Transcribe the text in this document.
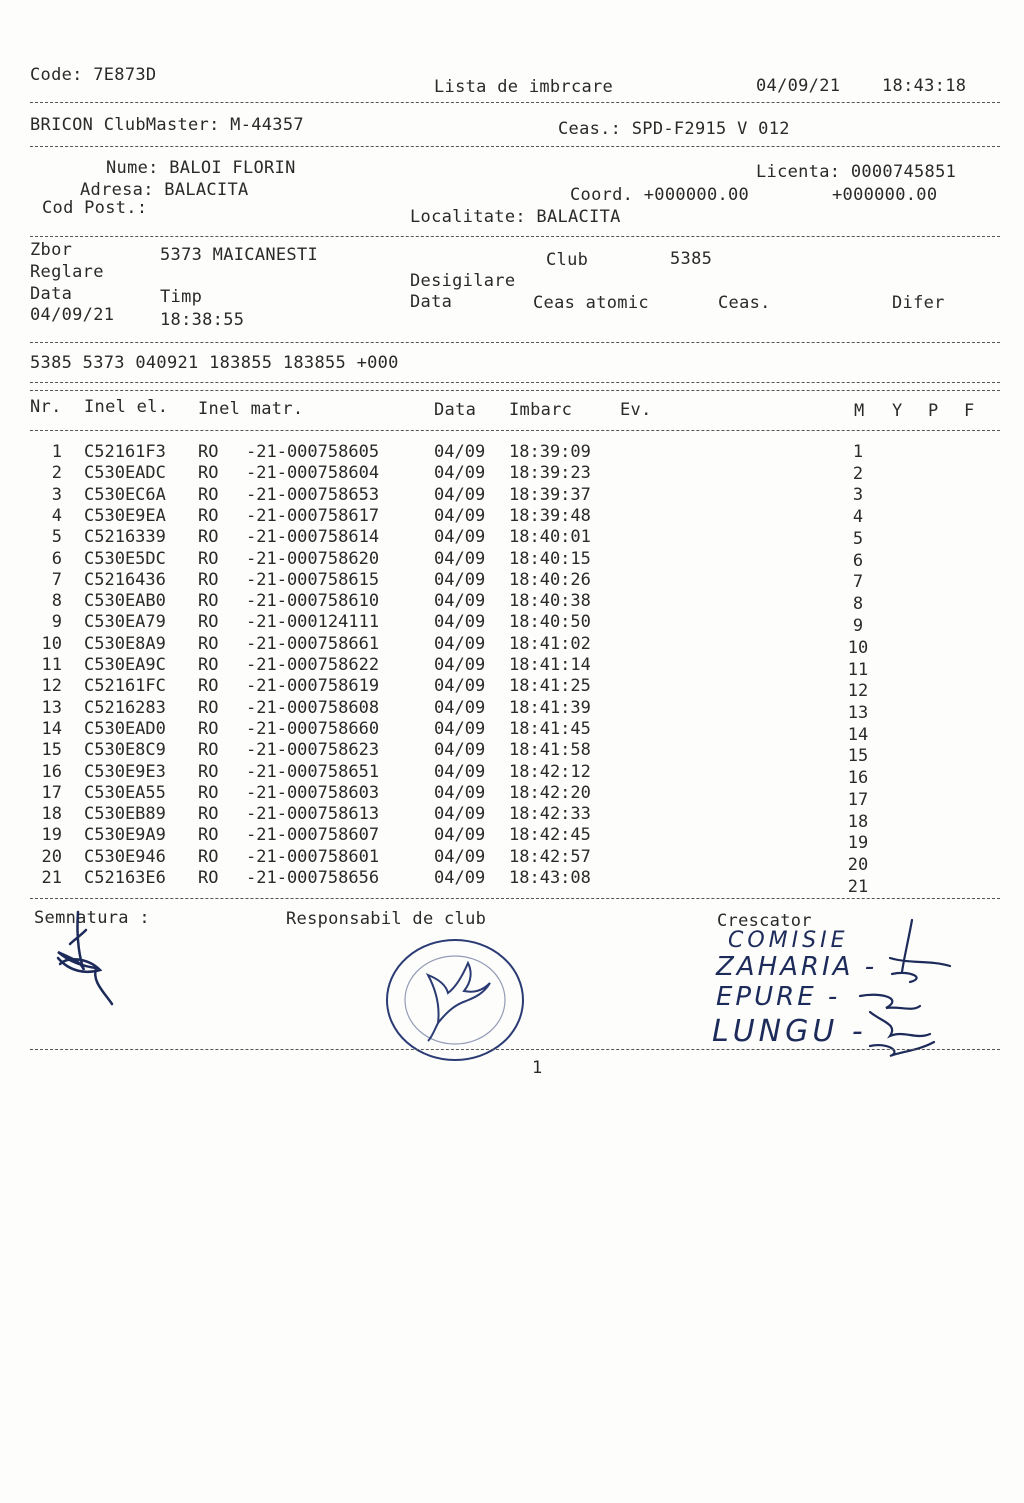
Code: 7E873D
Lista de imbrcare	04/09/21 18:43:18
BRICON ClubMaster: M-44357	Ceas.: SPD-F2915 V 012
Nume: BALOI FLORIN
Adresa: BALACITA
Cod Post.:
Licenta: 0000745851
Coord. +000000.00	+000000.00
Localitate: BALACITA
Zbor	5373 MAICANESTI	Club	5385
Reglare	Desigilare
Data	Timp	Data	Ceas atomic	Ceas.	Difer
04/09/21	18:38:55
5385 5373 040921 183855 183855 +000
Nr. Inel el. Inel matr.	Data Imbarc	Ev.	M Y P F
1 C52161F3 RO -21-000758605	04/09 18:39:09	1
2 C530EADC RO -21-000758604	04/09 18:39:23	2
3 C530EC6A RO -21-000758653	04/09 18:39:37	3
4 C530E9EA RO -21-000758617	04/09 18:39:48	4
5 C5216339 RO -21-000758614	04/09 18:40:01	5
6 C530E5DC RO -21-000758620	04/09 18:40:15	6
7 C5216436 RO -21-000758615	04/09 18:40:26	7
8 C530EAB0 RO -21-000758610	04/09 18:40:38	8
9 C530EA79 RO -21-000124111	04/09 18:40:50	9
10 C530E8A9 RO -21-000758661	04/09 18:41:02	10
11 C530EA9C RO -21-000758622	04/09 18:41:14	11
12 C52161FC RO -21-000758619	04/09 18:41:25	12
13 C5216283 RO -21-000758608	04/09 18:41:39	13
14 C530EAD0 RO -21-000758660	04/09 18:41:45	14
15 C530E8C9 RO -21-000758623	04/09 18:41:58	15
16 C530E9E3 RO -21-000758651	04/09 18:42:12	16
17 C530EA55 RO -21-000758603	04/09 18:42:20	17
18 C530EB89 RO -21-000758613	04/09 18:42:33	18
19 C530E9A9 RO -21-000758607	04/09 18:42:45	19
20 C530E946 RO -21-000758601	04/09 18:42:57	20
21 C52163E6 RO -21-000758656	04/09 18:43:08	21
Semnatura :	Responsabil de club	Crescator
COMISIE
ZAHARIA -
EPURE -
LUNGU -
1
